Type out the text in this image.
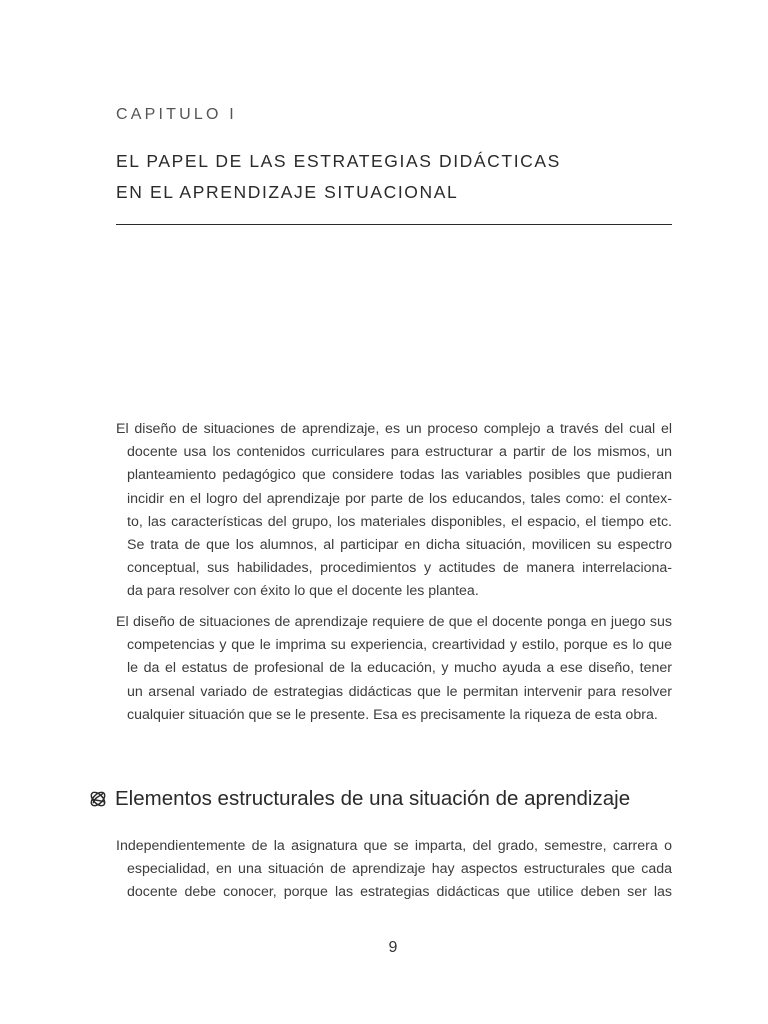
CAPITULO I
EL PAPEL DE LAS ESTRATEGIAS DIDÁCTICAS
EN EL APRENDIZAJE SITUACIONAL

El diseño de situaciones de aprendizaje, es un proceso complejo a través del cual el
docente usa los contenidos curriculares para estructurar a partir de los mismos, un
planteamiento pedagógico que considere todas las variables posibles que pudieran
incidir en el logro del aprendizaje por parte de los educandos, tales como: el contex-
to, las características del grupo, los materiales disponibles, el espacio, el tiempo etc.
Se trata de que los alumnos, al participar en dicha situación, movilicen su espectro
conceptual, sus habilidades, procedimientos y actitudes de manera interrelaciona-
da para resolver con éxito lo que el docente les plantea.

El diseño de situaciones de aprendizaje requiere de que el docente ponga en juego sus
competencias y que le imprima su experiencia, creartividad y estilo, porque es lo que
le da el estatus de profesional de la educación, y mucho ayuda a ese diseño, tener
un arsenal variado de estrategias didácticas que le permitan intervenir para resolver
cualquier situación que se le presente. Esa es precisamente la riqueza de esta obra.

Elementos estructurales de una situación de aprendizaje

Independientemente de la asignatura que se imparta, del grado, semestre, carrera o
especialidad, en una situación de aprendizaje hay aspectos estructurales que cada
docente debe conocer, porque las estrategias didácticas que utilice deben ser las

9
